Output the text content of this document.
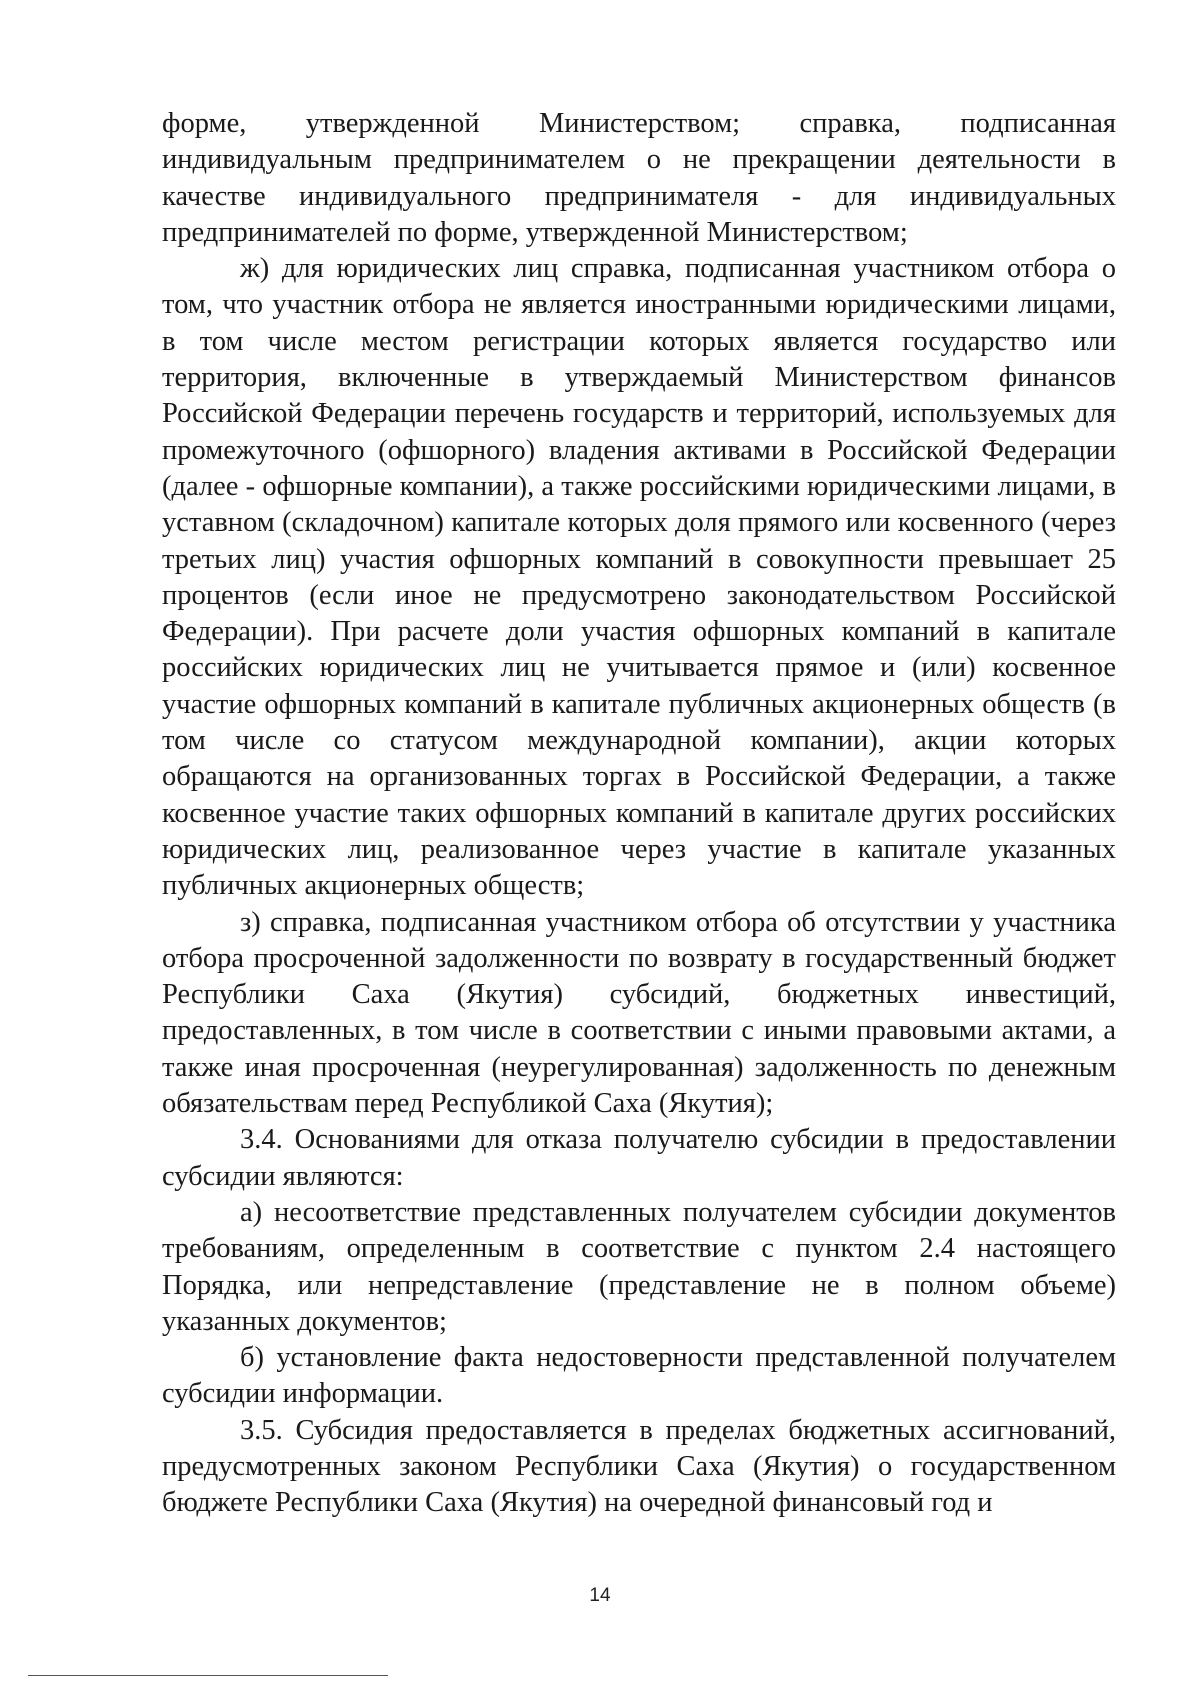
форме, утвержденной Министерством; справка, подписанная индивидуальным предпринимателем о не прекращении деятельности в качестве индивидуального предпринимателя - для индивидуальных предпринимателей по форме, утвержденной Министерством;

ж) для юридических лиц справка, подписанная участником отбора о том, что участник отбора не является иностранными юридическими лицами, в том числе местом регистрации которых является государство или территория, включенные в утверждаемый Министерством финансов Российской Федерации перечень государств и территорий, используемых для промежуточного (офшорного) владения активами в Российской Федерации (далее - офшорные компании), а также российскими юридическими лицами, в уставном (складочном) капитале которых доля прямого или косвенного (через третьих лиц) участия офшорных компаний в совокупности превышает 25 процентов (если иное не предусмотрено законодательством Российской Федерации). При расчете доли участия офшорных компаний в капитале российских юридических лиц не учитывается прямое и (или) косвенное участие офшорных компаний в капитале публичных акционерных обществ (в том числе со статусом международной компании), акции которых обращаются на организованных торгах в Российской Федерации, а также косвенное участие таких офшорных компаний в капитале других российских юридических лиц, реализованное через участие в капитале указанных публичных акционерных обществ;

з) справка, подписанная участником отбора об отсутствии у участника отбора просроченной задолженности по возврату в государственный бюджет Республики Саха (Якутия) субсидий, бюджетных инвестиций, предоставленных, в том числе в соответствии с иными правовыми актами, а также иная просроченная (неурегулированная) задолженность по денежным обязательствам перед Республикой Саха (Якутия);

3.4. Основаниями для отказа получателю субсидии в предоставлении субсидии являются:

а) несоответствие представленных получателем субсидии документов требованиям, определенным в соответствие с пунктом 2.4 настоящего Порядка, или непредставление (представление не в полном объеме) указанных документов;

б) установление факта недостоверности представленной получателем субсидии информации.

3.5. Субсидия предоставляется в пределах бюджетных ассигнований, предусмотренных законом Республики Саха (Якутия) о государственном бюджете Республики Саха (Якутия) на очередной финансовый год и

14
